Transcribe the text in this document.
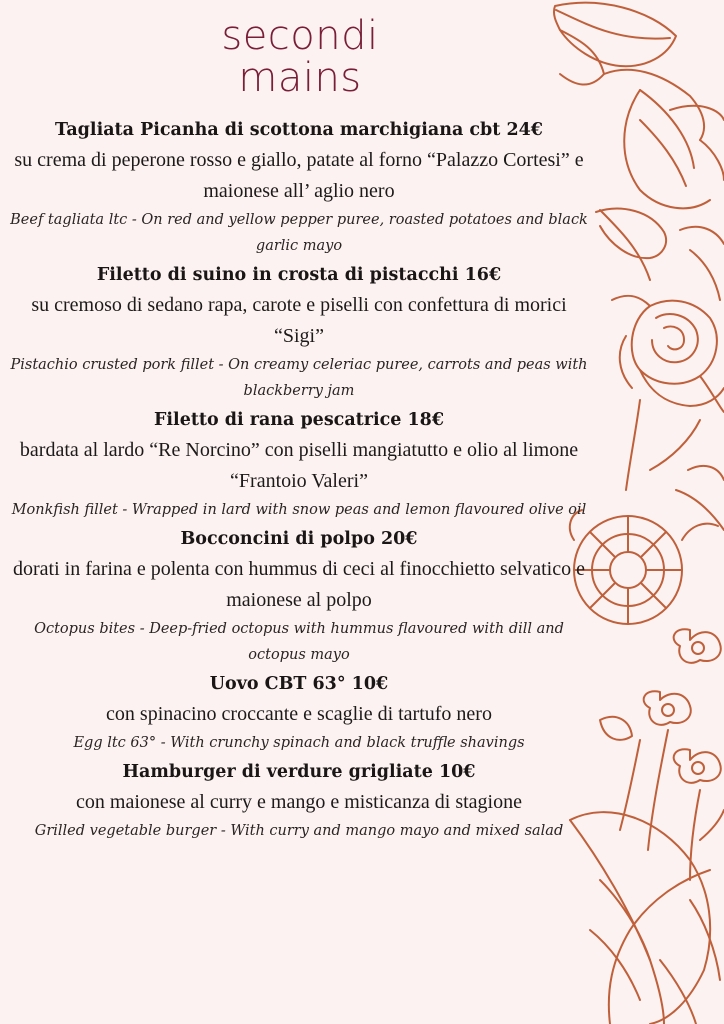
secondi
mains

Tagliata Picanha di scottona marchigiana cbt 24€

su crema di peperone rosso e giallo, patate al forno “Palazzo Cortesi” e maionese all’ aglio nero

Beef tagliata ltc - On red and yellow pepper puree, roasted potatoes and black garlic mayo

Filetto di suino in crosta di pistacchi 16€

su cremoso di sedano rapa, carote e piselli con confettura di morici “Sigi”

Pistachio crusted pork fillet - On creamy celeriac puree, carrots and peas with blackberry jam

Filetto di rana pescatrice 18€

bardata al lardo “Re Norcino” con piselli mangiatutto e olio al limone “Frantoio Valeri”

Monkfish fillet - Wrapped in lard with snow peas and lemon flavoured olive oil

Bocconcini di polpo 20€

dorati in farina e polenta con hummus di ceci al finocchietto selvatico e maionese al polpo

Octopus bites - Deep-fried octopus with hummus flavoured with dill and octopus mayo

Uovo CBT 63° 10€

con spinacino croccante e scaglie di tartufo nero

Egg ltc 63° - With crunchy spinach and black truffle shavings

Hamburger di verdure grigliate 10€

con maionese al curry e mango e misticanza di stagione

Grilled vegetable burger - With curry and mango mayo and mixed salad
